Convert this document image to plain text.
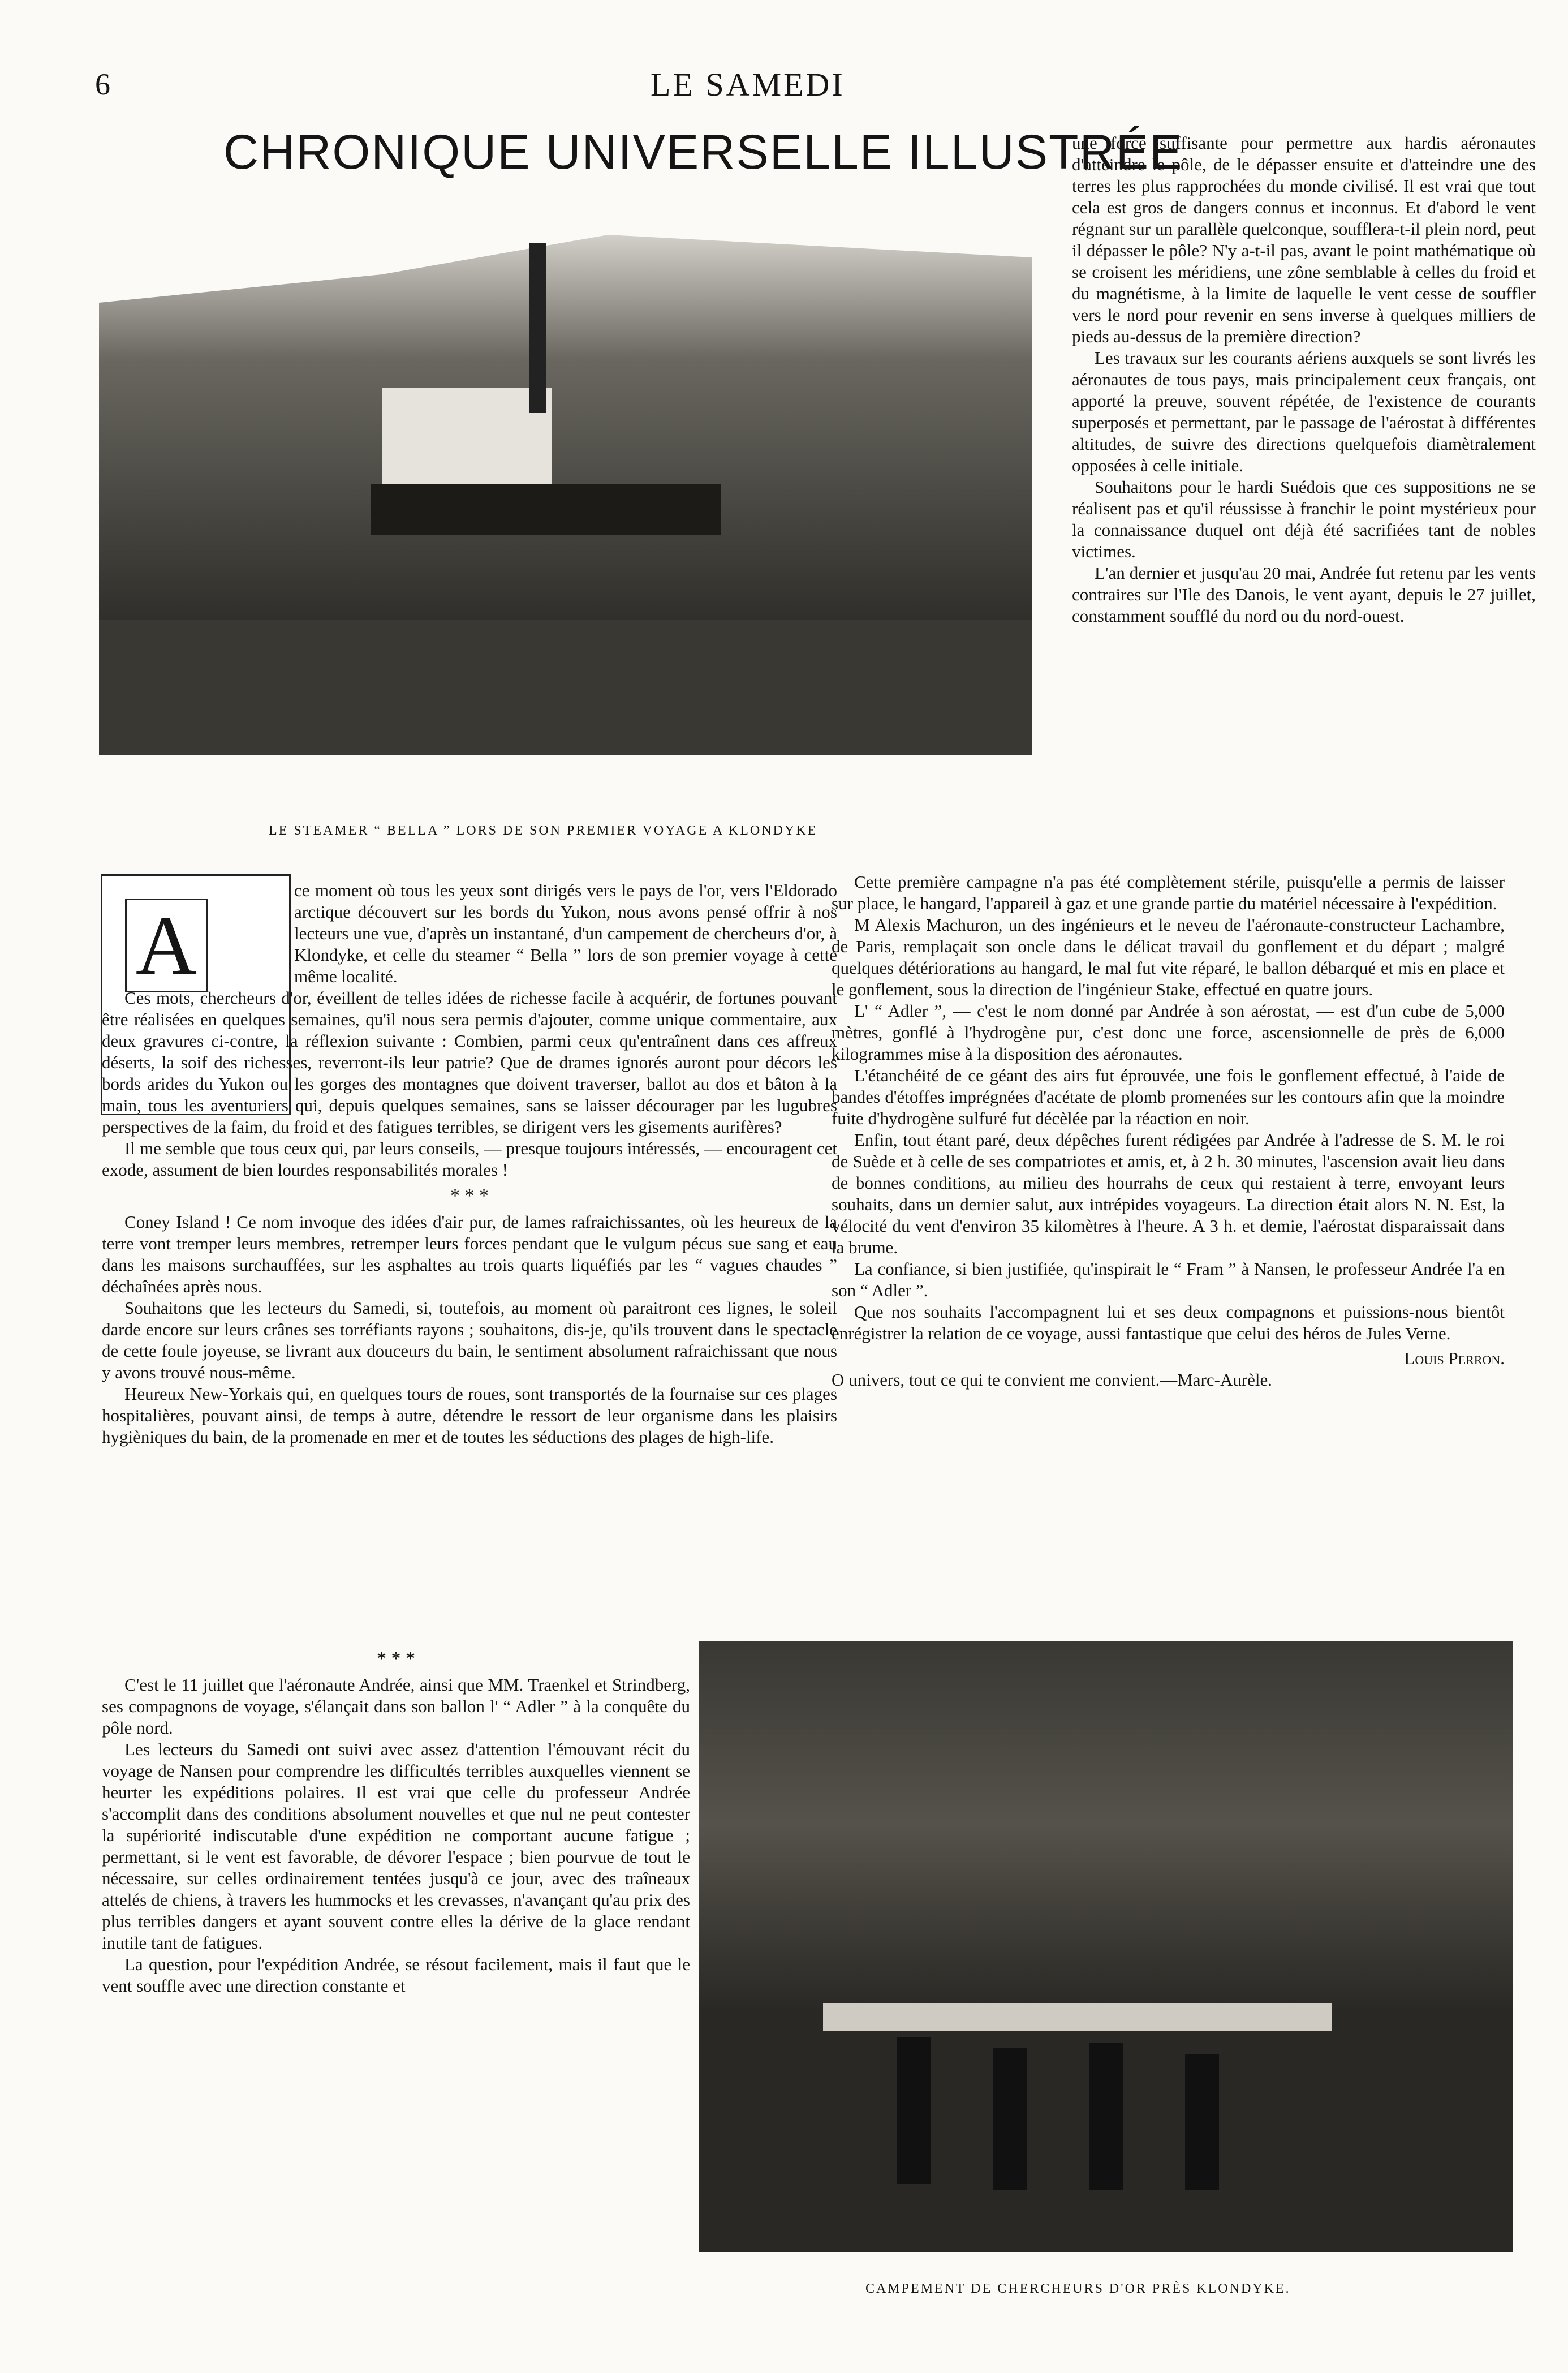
6	LE SAMEDI
CHRONIQUE UNIVERSELLE ILLUSTRÉE
LE STEAMER “ BELLA ” LORS DE SON PREMIER VOYAGE A KLONDYKE
A

une force suffisante pour permettre aux hardis aéronautes d'atteindre le pôle, de le dépasser ensuite et d'atteindre une des terres les plus rapprochées du monde civilisé. Il est vrai que tout cela est gros de dangers connus et inconnus. Et d'abord le vent régnant sur un parallèle quelconque, soufflera-t-il plein nord, peut il dépasser le pôle? N'y a-t-il pas, avant le point mathématique où se croisent les méridiens, une zône semblable à celles du froid et du magnétisme, à la limite de laquelle le vent cesse de souffler vers le nord pour revenir en sens inverse à quelques milliers de pieds au-dessus de la première direction?

Les travaux sur les courants aériens auxquels se sont livrés les aéronautes de tous pays, mais principalement ceux français, ont apporté la preuve, souvent répétée, de l'existence de courants superposés et permettant, par le passage de l'aérostat à différentes altitudes, de suivre des directions quelquefois diamètralement opposées à celle initiale.

Souhaitons pour le hardi Suédois que ces suppositions ne se réalisent pas et qu'il réussisse à franchir le point mystérieux pour la connaissance duquel ont déjà été sacrifiées tant de nobles victimes.

L'an dernier et jusqu'au 20 mai, Andrée fut retenu par les vents contraires sur l'Ile des Danois, le vent ayant, depuis le 27 juillet, constamment soufflé du nord ou du nord-ouest.

Cette première campagne n'a pas été complètement stérile, puisqu'elle a permis de laisser sur place, le hangard, l'appareil à gaz et une grande partie du matériel nécessaire à l'expédition.

M Alexis Machuron, un des ingénieurs et le neveu de l'aéronaute-constructeur Lachambre, de Paris, remplaçait son oncle dans le délicat travail du gonflement et du départ ; malgré quelques détériorations au hangard, le mal fut vite réparé, le ballon débarqué et mis en place et le gonflement, sous la direction de l'ingénieur Stake, effectué en quatre jours.

L' “ Adler ”, — c'est le nom donné par Andrée à son aérostat, — est d'un cube de 5,000 mètres, gonflé à l'hydrogène pur, c'est donc une force, ascensionnelle de près de 6,000 kilogrammes mise à la disposition des aéronautes.

L'étanchéité de ce géant des airs fut éprouvée, une fois le gonflement effectué, à l'aide de bandes d'étoffes imprégnées d'acétate de plomb promenées sur les contours afin que la moindre fuite d'hydrogène sulfuré fut décèlée par la réaction en noir.

Enfin, tout étant paré, deux dépêches furent rédigées par Andrée à l'adresse de S. M. le roi de Suède et à celle de ses compatriotes et amis, et, à 2 h. 30 minutes, l'ascension avait lieu dans de bonnes conditions, au milieu des hourrahs de ceux qui restaient à terre, envoyant leurs souhaits, dans un dernier salut, aux intrépides voyageurs. La direction était alors N. N. Est, la vélocité du vent d'environ 35 kilomètres à l'heure. A 3 h. et demie, l'aérostat disparaissait dans la brume.

La confiance, si bien justifiée, qu'inspirait le “ Fram ” à Nansen, le professeur Andrée l'a en son “ Adler ”.

Que nos souhaits l'accompagnent lui et ses deux compagnons et puissions-nous bientôt enrégistrer la relation de ce voyage, aussi fantastique que celui des héros de Jules Verne.

Louis Perron.

O univers, tout ce qui te convient me convient.—Marc-Aurèle.

ce moment où tous les yeux sont dirigés vers le pays de l'or, vers l'Eldorado arctique découvert sur les bords du Yukon, nous avons pensé offrir à nos lecteurs une vue, d'après un instantané, d'un campement de chercheurs d'or, à Klondyke, et celle du steamer “ Bella ” lors de son premier voyage à cette même localité.

Ces mots, chercheurs d'or, éveillent de telles idées de richesse facile à acquérir, de fortunes pouvant être réalisées en quelques semaines, qu'il nous sera permis d'ajouter, comme unique commentaire, aux deux gravures ci-contre, la réflexion suivante : Combien, parmi ceux qu'entraînent dans ces affreux déserts, la soif des richesses, reverront-ils leur patrie? Que de drames ignorés auront pour décors les bords arides du Yukon ou les gorges des montagnes que doivent traverser, ballot au dos et bâton à la main, tous les aventuriers qui, depuis quelques semaines, sans se laisser décourager par les lugubres perspectives de la faim, du froid et des fatigues terribles, se dirigent vers les gisements aurifères?

Il me semble que tous ceux qui, par leurs conseils, — presque toujours intéressés, — encouragent cet exode, assument de bien lourdes responsabilités morales !

* * *

Coney Island ! Ce nom invoque des idées d'air pur, de lames rafraichissantes, où les heureux de la terre vont tremper leurs membres, retremper leurs forces pendant que le vulgum pécus sue sang et eau dans les maisons surchauffées, sur les asphaltes au trois quarts liquéfiés par les “ vagues chaudes ” déchaînées après nous.

Souhaitons que les lecteurs du Samedi, si, toutefois, au moment où paraitront ces lignes, le soleil darde encore sur leurs crânes ses torréfiants rayons ; souhaitons, dis-je, qu'ils trouvent dans le spectacle de cette foule joyeuse, se livrant aux douceurs du bain, le sentiment absolument rafraichissant que nous y avons trouvé nous-même.

Heureux New-Yorkais qui, en quelques tours de roues, sont transportés de la fournaise sur ces plages hospitalières, pouvant ainsi, de temps à autre, détendre le ressort de leur organisme dans les plaisirs hygièniques du bain, de la promenade en mer et de toutes les séductions des plages de high-life.

* * *

C'est le 11 juillet que l'aéronaute Andrée, ainsi que MM. Traenkel et Strindberg, ses compagnons de voyage, s'élançait dans son ballon l' “ Adler ” à la conquête du pôle nord.

Les lecteurs du Samedi ont suivi avec assez d'attention l'émouvant récit du voyage de Nansen pour comprendre les difficultés terribles auxquelles viennent se heurter les expéditions polaires. Il est vrai que celle du professeur Andrée s'accomplit dans des conditions absolument nouvelles et que nul ne peut contester la supériorité indiscutable d'une expédition ne comportant aucune fatigue ; permettant, si le vent est favorable, de dévorer l'espace ; bien pourvue de tout le nécessaire, sur celles ordinairement tentées jusqu'à ce jour, avec des traîneaux attelés de chiens, à travers les hummocks et les crevasses, n'avançant qu'au prix des plus terribles dangers et ayant souvent contre elles la dérive de la glace rendant inutile tant de fatigues.

La question, pour l'expédition Andrée, se résout facilement, mais il faut que le vent souffle avec une direction constante et

CAMPEMENT DE CHERCHEURS D'OR PRÈS KLONDYKE.
